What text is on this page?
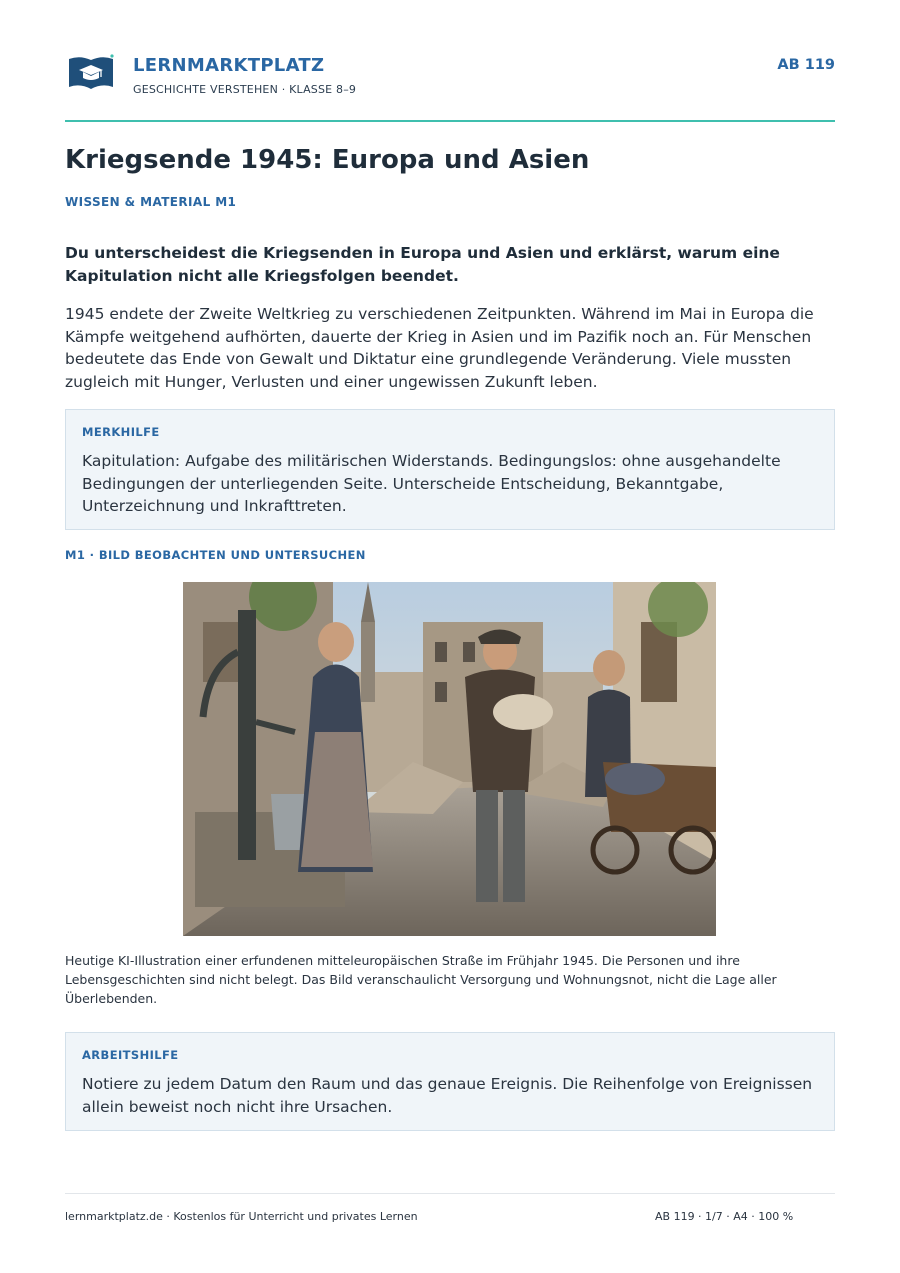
LERNMARKTPLATZ
GESCHICHTE VERSTEHEN · KLASSE 8–9
AB 119
Kriegsende 1945: Europa und Asien
WISSEN & MATERIAL M1

Du unterscheidest die Kriegsenden in Europa und Asien und erklärst, warum eine Kapitulation nicht alle Kriegsfolgen beendet.

1945 endete der Zweite Weltkrieg zu verschiedenen Zeitpunkten. Während im Mai in Europa die Kämpfe weitgehend aufhörten, dauerte der Krieg in Asien und im Pazifik noch an. Für Menschen bedeutete das Ende von Gewalt und Diktatur eine grundlegende Veränderung. Viele mussten zugleich mit Hunger, Verlusten und einer ungewissen Zukunft leben.

MERKHILFE
Kapitulation: Aufgabe des militärischen Widerstands. Bedingungslos: ohne ausgehandelte Bedingungen der unterliegenden Seite. Unterscheide Entscheidung, Bekanntgabe, Unterzeichnung und Inkrafttreten.
M1 · BILD BEOBACHTEN UND UNTERSUCHEN

Heutige KI-Illustration einer erfundenen mitteleuropäischen Straße im Frühjahr 1945. Die Personen und ihre Lebensgeschichten sind nicht belegt. Das Bild veranschaulicht Versorgung und Wohnungsnot, nicht die Lage aller Überlebenden.

ARBEITSHILFE
Notiere zu jedem Datum den Raum und das genaue Ereignis. Die Reihenfolge von Ereignissen allein beweist noch nicht ihre Ursachen.
lernmarktplatz.de · Kostenlos für Unterricht und privates Lernen	AB 119 · 1/7 · A4 · 100 %
